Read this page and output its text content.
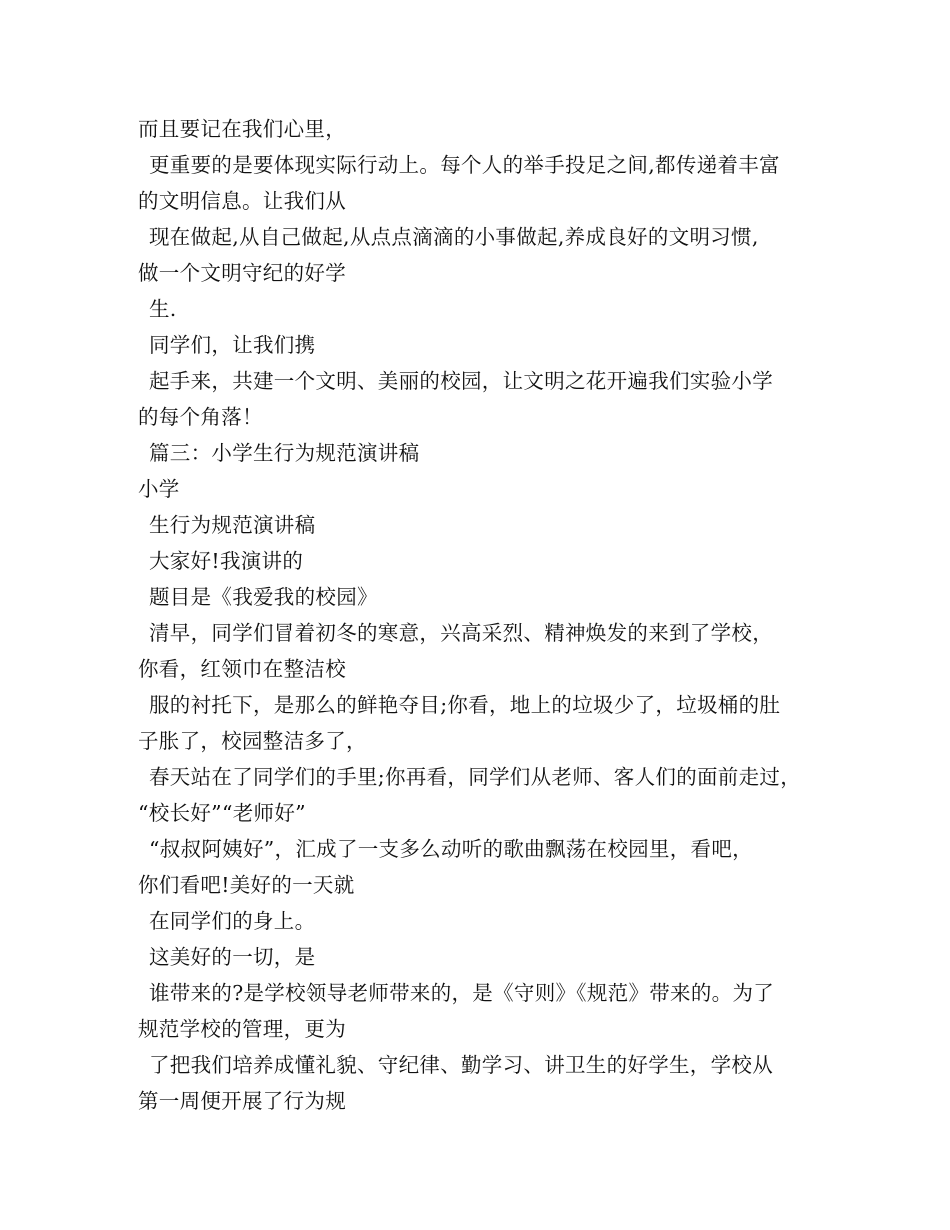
而且要记在我们心里，
更重要的是要体现实际行动上。每个人的举手投足之间,都传递着丰富
的文明信息。让我们从
现在做起,从自己做起,从点点滴滴的小事做起,养成良好的文明习惯,
做一个文明守纪的好学
生.
同学们，让我们携
起手来，共建一个文明、美丽的校园，让文明之花开遍我们实验小学
的每个角落！
篇三：小学生行为规范演讲稿
小学
生行为规范演讲稿
大家好!我演讲的
题目是《我爱我的校园》
清早，同学们冒着初冬的寒意，兴高采烈、精神焕发的来到了学校，
你看，红领巾在整洁校
服的衬托下，是那么的鲜艳夺目;你看，地上的垃圾少了，垃圾桶的肚
子胀了，校园整洁多了，
春天站在了同学们的手里;你再看，同学们从老师、客人们的面前走过，
“校长好”“老师好”
“叔叔阿姨好”，汇成了一支多么动听的歌曲飘荡在校园里，看吧，
你们看吧!美好的一天就
在同学们的身上。
这美好的一切，是
谁带来的?是学校领导老师带来的，是《守则》《规范》带来的。为了
规范学校的管理，更为
了把我们培养成懂礼貌、守纪律、勤学习、讲卫生的好学生，学校从
第一周便开展了行为规
